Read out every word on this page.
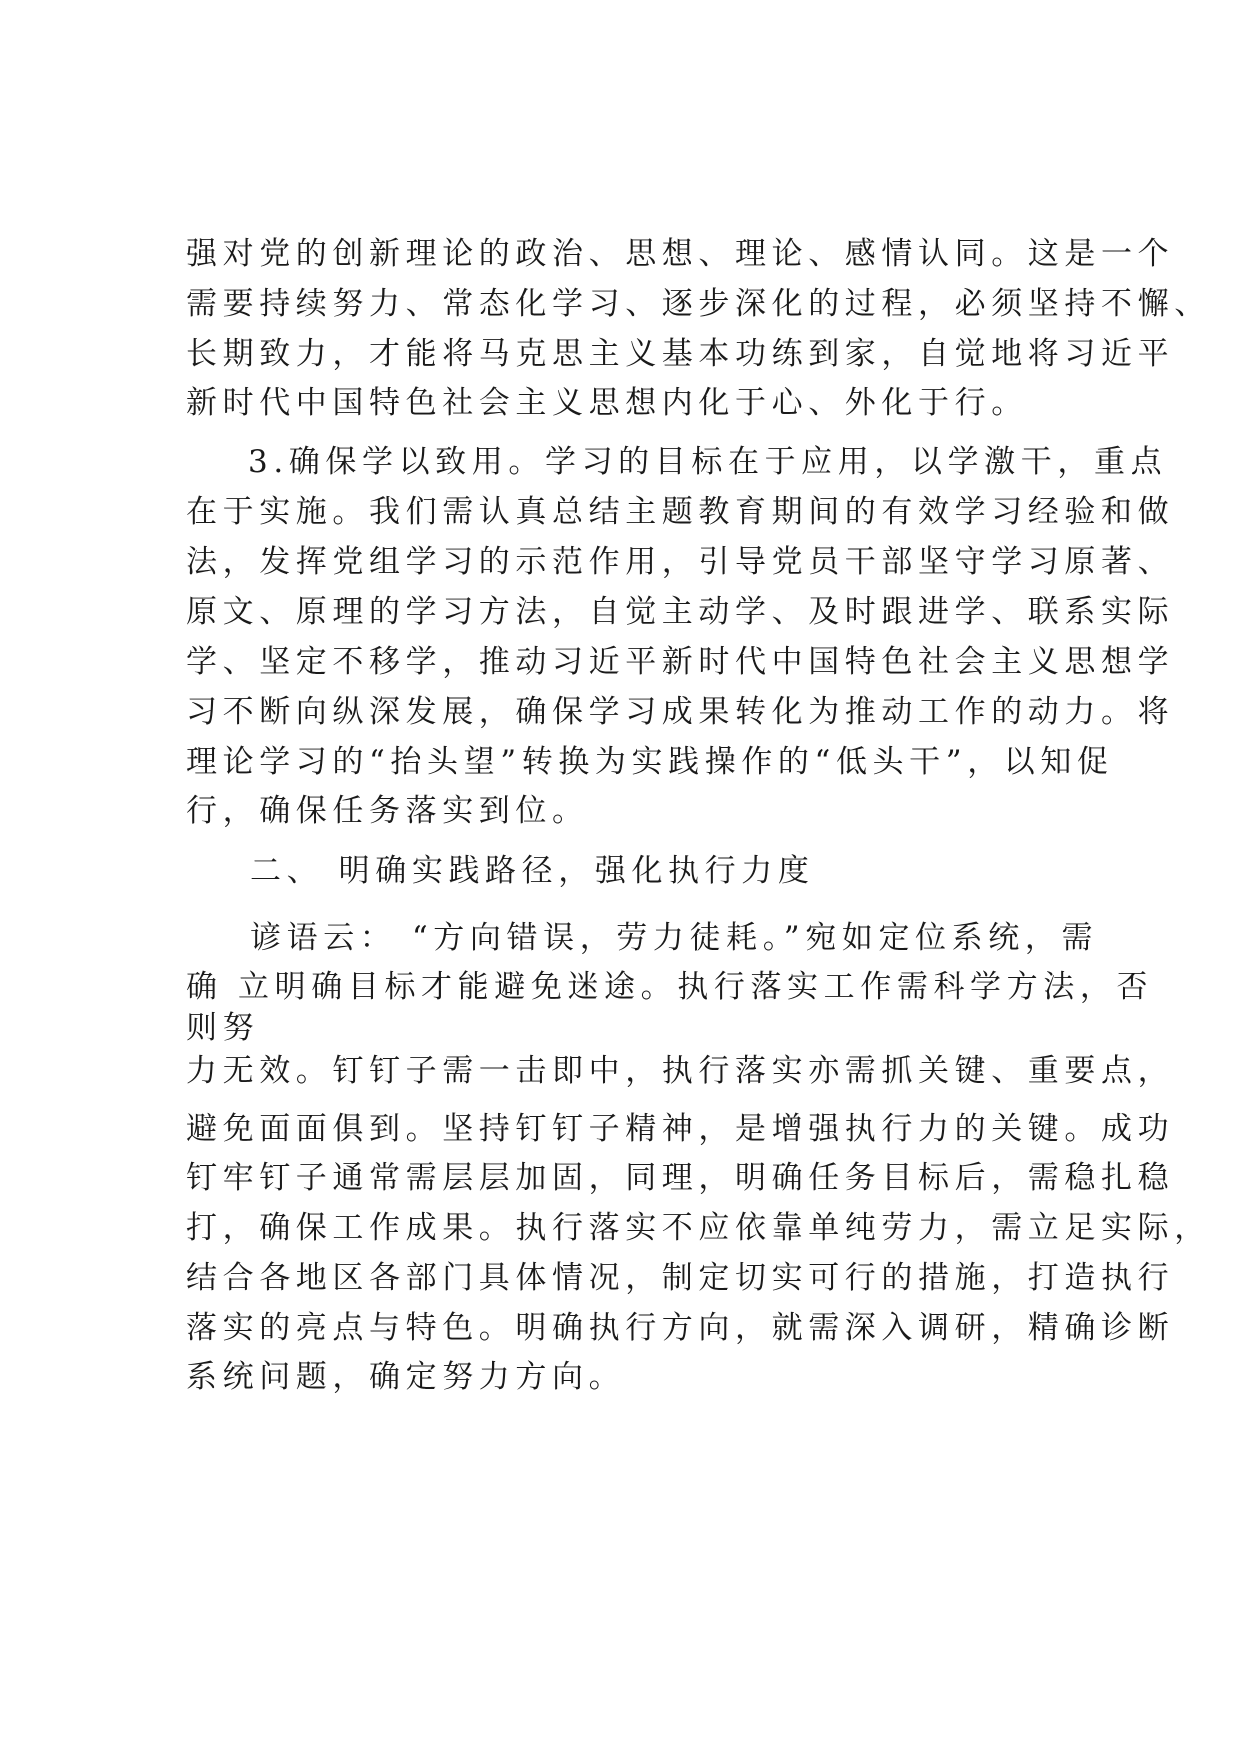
强对党的创新理论的政治、思想、理论、感情认同。这是一个
需要持续努力、常态化学习、逐步深化的过程，必须坚持不懈、
长期致力，才能将马克思主义基本功练到家，自觉地将习近平
新时代中国特色社会主义思想内化于心、外化于行。
3.确保学以致用。学习的目标在于应用，以学激干，重点
在于实施。我们需认真总结主题教育期间的有效学习经验和做
法，发挥党组学习的示范作用，引导党员干部坚守学习原著、
原文、原理的学习方法，自觉主动学、及时跟进学、联系实际
学、坚定不移学，推动习近平新时代中国特色社会主义思想学
习不断向纵深发展，确保学习成果转化为推动工作的动力。将
理论学习的“抬头望”转换为实践操作的“低头干”，以知促
行，确保任务落实到位。
二、 明确实践路径，强化执行力度
谚语云： “方向错误，劳力徒耗。”宛如定位系统，需
确 立明确目标才能避免迷途。执行落实工作需科学方法，否
则努
力无效。钉钉子需一击即中，执行落实亦需抓关键、重要点，
避免面面俱到。坚持钉钉子精神，是增强执行力的关键。成功
钉牢钉子通常需层层加固，同理，明确任务目标后，需稳扎稳
打，确保工作成果。执行落实不应依靠单纯劳力，需立足实际，
结合各地区各部门具体情况，制定切实可行的措施，打造执行
落实的亮点与特色。明确执行方向，就需深入调研，精确诊断
系统问题，确定努力方向。
